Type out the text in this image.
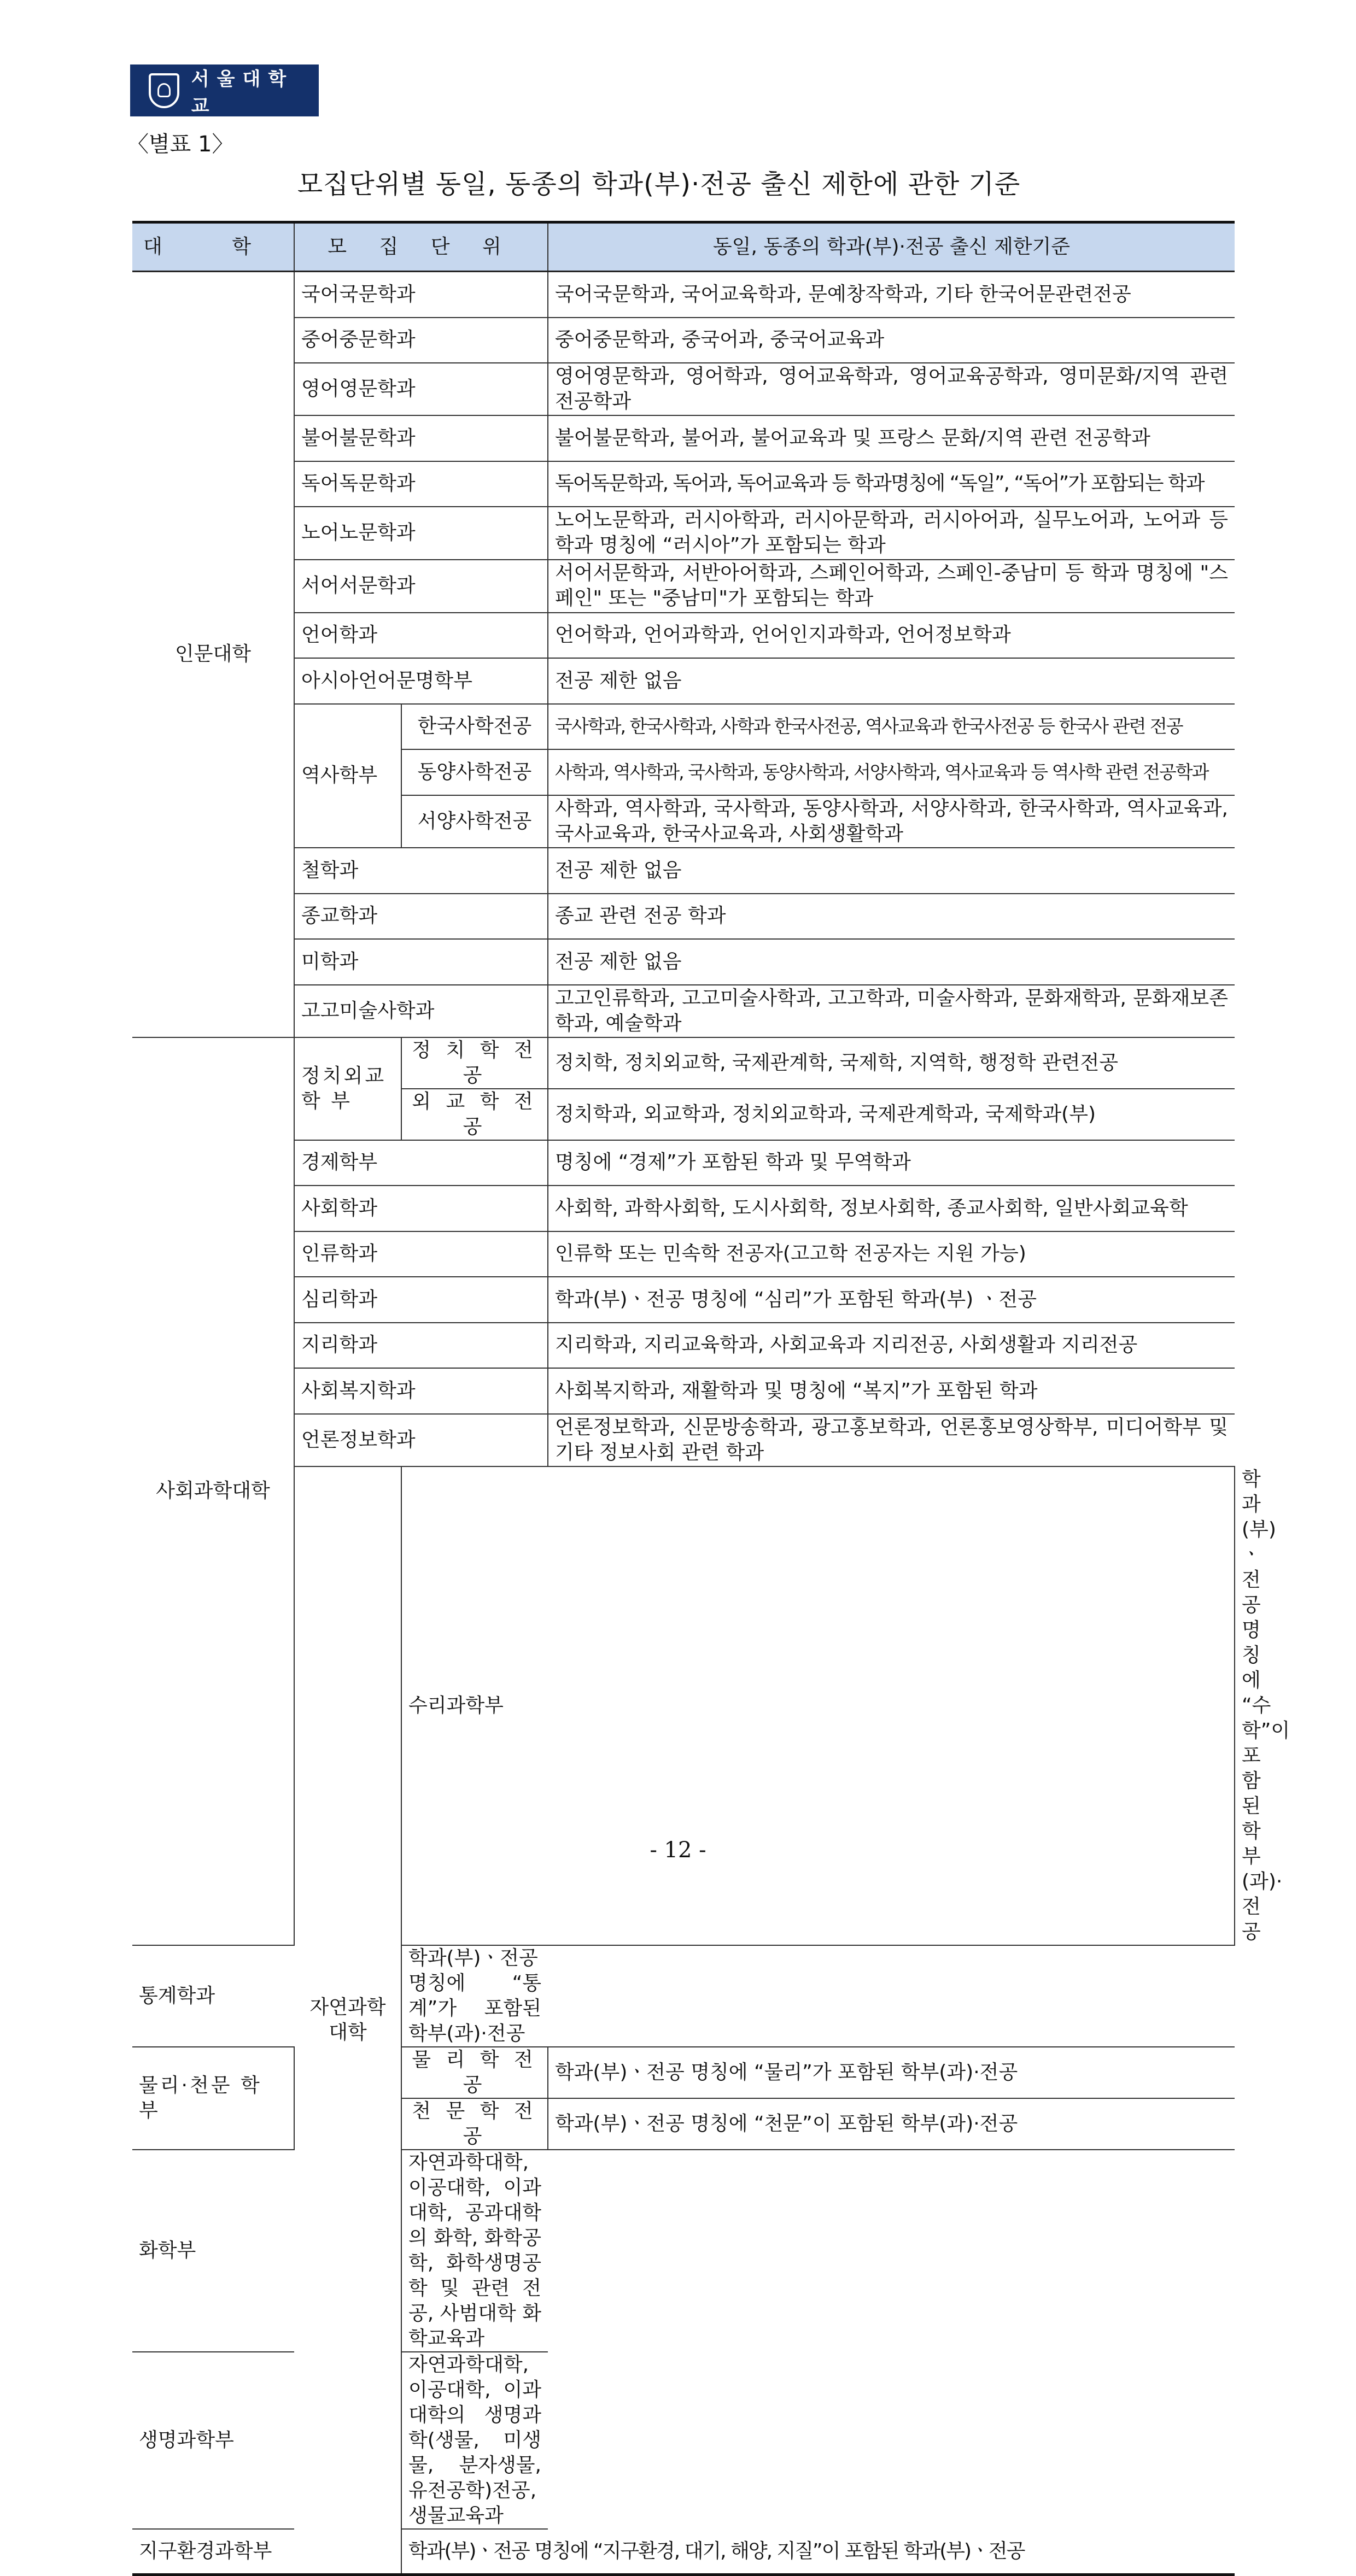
서울대학교
〈별표 1〉
모집단위별 동일, 동종의 학과(부)·전공 출신 제한에 관한 기준
대 학	모 집 단 위		동일, 동종의 학과(부)·전공 출신 제한기준	
인문대학	국어국문학과		국어국문학과, 국어교육학과, 문예창작학과, 기타 한국어문관련전공	
	중어중문학과		중어중문학과, 중국어과, 중국어교육과	
	영어영문학과		영어영문학과, 영어학과, 영어교육학과, 영어교육공학과, 영미문화/지역 관련 전공학과	
	불어불문학과		불어불문학과, 불어과, 불어교육과 및 프랑스 문화/지역 관련 전공학과	
	독어독문학과		독어독문학과, 독어과, 독어교육과 등 학과명칭에 “독일”, “독어”가 포함되는 학과	
	노어노문학과		노어노문학과, 러시아학과, 러시아문학과, 러시아어과, 실무노어과, 노어과 등 학과 명칭에 “러시아”가 포함되는 학과	
	서어서문학과		서어서문학과, 서반아어학과, 스페인어학과, 스페인-중남미 등 학과 명칭에 "스페인" 또는 "중남미"가 포함되는 학과	
	언어학과		언어학과, 언어과학과, 언어인지과학과, 언어정보학과	
	아시아언어문명학부		전공 제한 없음	
	역사학부	한국사학전공	국사학과, 한국사학과, 사학과 한국사전공, 역사교육과 한국사전공 등 한국사 관련 전공	
		동양사학전공	사학과, 역사학과, 국사학과, 동양사학과, 서양사학과, 역사교육과 등 역사학 관련 전공학과	
		서양사학전공	사학과, 역사학과, 국사학과, 동양사학과, 서양사학과, 한국사학과, 역사교육과, 국사교육과, 한국사교육과, 사회생활학과	
	철학과		전공 제한 없음	
	종교학과		종교 관련 전공 학과	
	미학과		전공 제한 없음	
	고고미술사학과		고고인류학과, 고고미술사학과, 고고학과, 미술사학과, 문화재학과, 문화재보존학과, 예술학과	
사회과학대학	정치외교 학 부	정 치 학 전 공	정치학, 정치외교학, 국제관계학, 국제학, 지역학, 행정학 관련전공	
		외 교 학 전 공	정치학과, 외교학과, 정치외교학과, 국제관계학과, 국제학과(부)	
	경제학부		명칭에 “경제”가 포함된 학과 및 무역학과	
	사회학과		사회학, 과학사회학, 도시사회학, 정보사회학, 종교사회학, 일반사회교육학	
	인류학과		인류학 또는 민속학 전공자(고고학 전공자는 지원 가능)	
	심리학과		학과(부)ㆍ전공 명칭에 “심리”가 포함된 학과(부) ㆍ전공	
	지리학과		지리학과, 지리교육학과, 사회교육과 지리전공, 사회생활과 지리전공	
	사회복지학과		사회복지학과, 재활학과 및 명칭에 “복지”가 포함된 학과	
	언론정보학과		언론정보학과, 신문방송학과, 광고홍보학과, 언론홍보영상학부, 미디어학부 및 기타 정보사회 관련 학과	
	자연과학대학	수리과학부		학과(부)ㆍ전공 명칭에 “수학”이 포함된 학부(과)·전공
통계학과		학과(부)ㆍ전공 명칭에 “통계”가 포함된 학부(과)·전공		
물리·천문 학 부		물 리 학 전 공	학과(부)ㆍ전공 명칭에 “물리”가 포함된 학부(과)·전공	
		천 문 학 전 공	학과(부)ㆍ전공 명칭에 “천문”이 포함된 학부(과)·전공	
화학부		자연과학대학, 이공대학, 이과대학, 공과대학의 화학, 화학공학, 화학생명공학 및 관련 전공, 사범대학 화학교육과		
생명과학부		자연과학대학, 이공대학, 이과대학의 생명과학(생물, 미생물, 분자생물, 유전공학)전공, 생물교육과		
지구환경과학부		학과(부)ㆍ전공 명칭에 “지구환경, 대기, 해양, 지질”이 포함된 학과(부)ㆍ전공		
- 12 -
